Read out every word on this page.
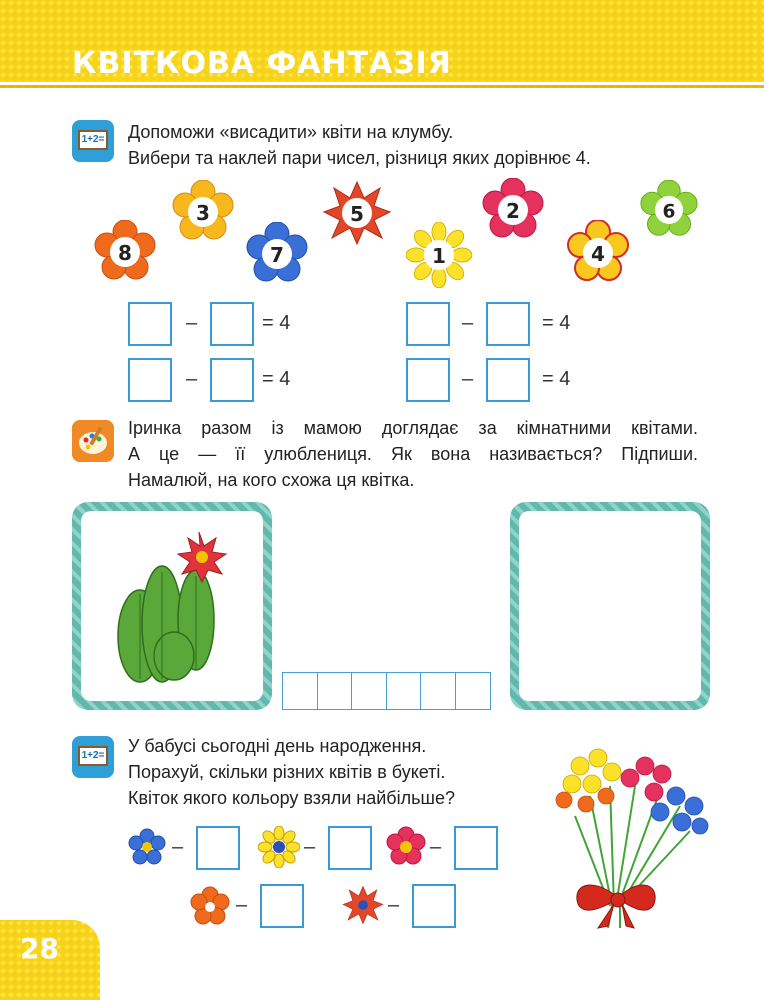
КВІТКОВА ФАНТАЗІЯ
1+2= Допоможи «висадити» квіти на клумбу.
Вибери та наклей пари чисел, різниця яких дорівнює 4.
8
3
7
5
1
2
4
6
–	= 4	–	= 4
–	= 4	–	= 4
Іринка разом із мамою доглядає за кімнатними квітами.
А це — її улюблениця. Як вона називається? Підпиши.
Намалюй, на кого схожа ця квітка.
1+2= У бабусі сьогодні день народження.
Порахуй, скільки різних квітів в букеті.
Квіток якого кольору взяли найбільше?
–	–	–
–	–
28
